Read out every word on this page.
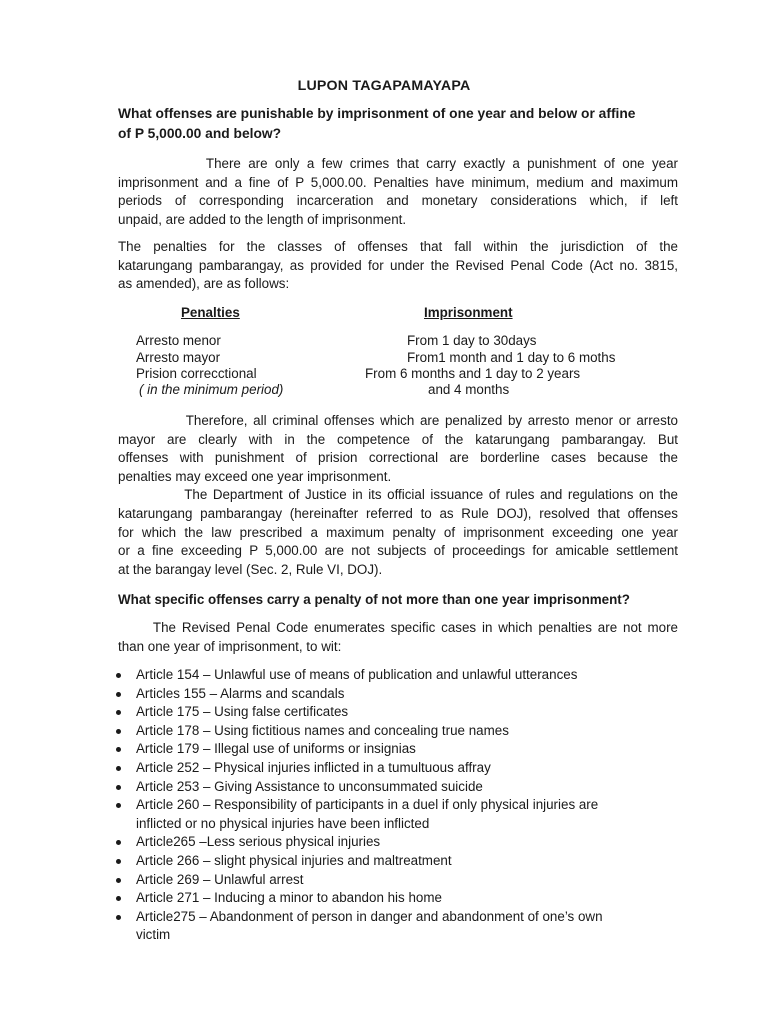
LUPON TAGAPAMAYAPA
What offenses are punishable by imprisonment of one year and below or affine
of P 5,000.00 and below?
There are only a few crimes that carry exactly a punishment of one year
imprisonment and a fine of P 5,000.00. Penalties have minimum, medium and maximum
periods of corresponding incarceration and monetary considerations which, if left
unpaid, are added to the length of imprisonment.
The penalties for the classes of offenses that fall within the jurisdiction of the
katarungang pambarangay, as provided for under the Revised Penal Code (Act no. 3815,
as amended), are as follows:
Penalties	Imprisonment
Arresto menor	From 1 day to 30days
Arresto mayor	From1 month and 1 day to 6 moths
Prision correcctional	From 6 months and 1 day to 2 years
( in the minimum period)	and 4 months
Therefore, all criminal offenses which are penalized by arresto menor or arresto
mayor are clearly with in the competence of the katarungang pambarangay. But
offenses with punishment of prision correctional are borderline cases because the
penalties may exceed one year imprisonment.
The Department of Justice in its official issuance of rules and regulations on the
katarungang pambarangay (hereinafter referred to as Rule DOJ), resolved that offenses
for which the law prescribed a maximum penalty of imprisonment exceeding one year
or a fine exceeding P 5,000.00 are not subjects of proceedings for amicable settlement
at the barangay level (Sec. 2, Rule VI, DOJ).
What specific offenses carry a penalty of not more than one year imprisonment?
The Revised Penal Code enumerates specific cases in which penalties are not more
than one year of imprisonment, to wit:
Article 154 – Unlawful use of means of publication and unlawful utterances
Articles 155 – Alarms and scandals
Article 175 – Using false certificates
Article 178 – Using fictitious names and concealing true names
Article 179 – Illegal use of uniforms or insignias
Article 252 – Physical injuries inflicted in a tumultuous affray
Article 253 – Giving Assistance to unconsummated suicide
Article 260 – Responsibility of participants in a duel if only physical injuries are
inflicted or no physical injuries have been inflicted
Article265 –Less serious physical injuries
Article 266 – slight physical injuries and maltreatment
Article 269 – Unlawful arrest
Article 271 – Inducing a minor to abandon his home
Article275 – Abandonment of person in danger and abandonment of one’s own
victim
